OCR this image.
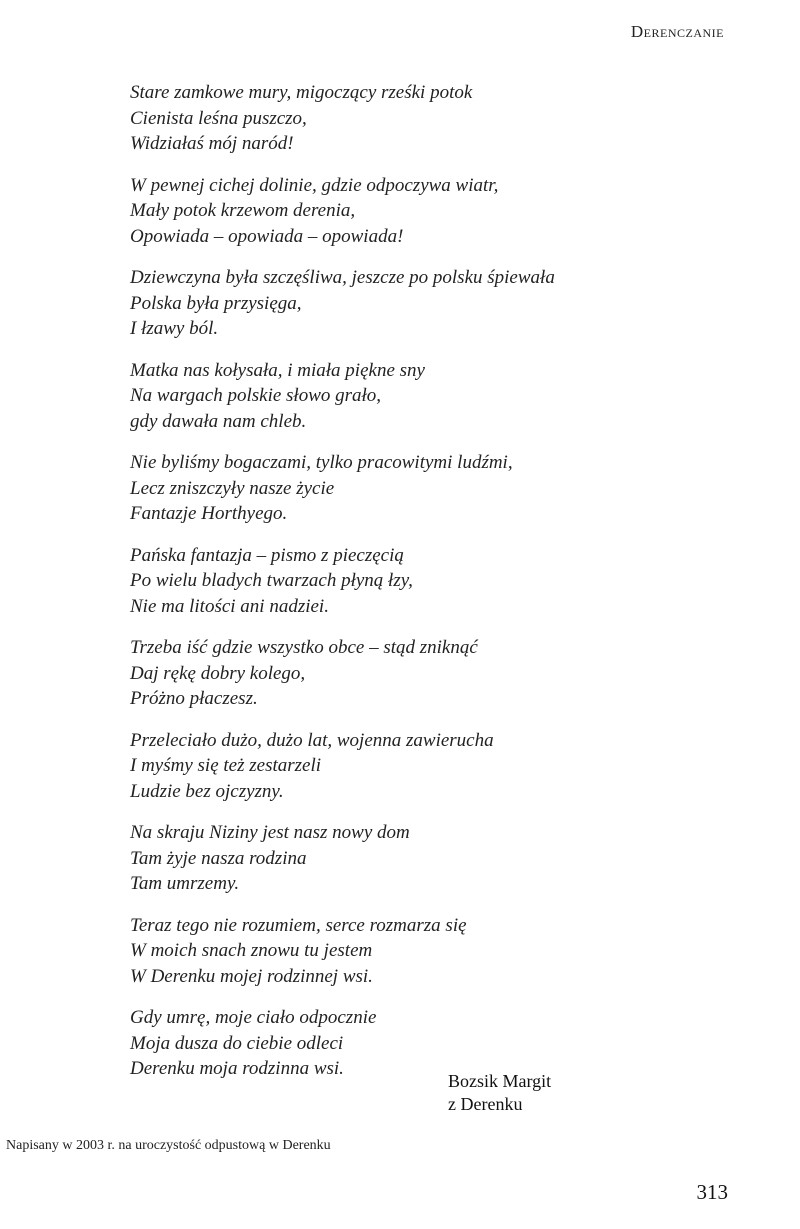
Derenczanie
Stare zamkowe mury, migoczący rześki potok
Cienista leśna puszczo,
Widziałaś mój naród!
W pewnej cichej dolinie, gdzie odpoczywa wiatr,
Mały potok krzewom derenia,
Opowiada – opowiada – opowiada!
Dziewczyna była szczęśliwa, jeszcze po polsku śpiewała
Polska była przysięga,
I łzawy ból.
Matka nas kołysała, i miała piękne sny
Na wargach polskie słowo grało,
gdy dawała nam chleb.
Nie byliśmy bogaczami, tylko pracowitymi ludźmi,
Lecz zniszczyły nasze życie
Fantazje Horthyego.
Pańska fantazja – pismo z pieczęcią
Po wielu bladych twarzach płyną łzy,
Nie ma litości ani nadziei.
Trzeba iść gdzie wszystko obce – stąd zniknąć
Daj rękę dobry kolego,
Próżno płaczesz.
Przeleciało dużo, dużo lat, wojenna zawierucha
I myśmy się też zestarzeli
Ludzie bez ojczyzny.
Na skraju Niziny jest nasz nowy dom
Tam żyje nasza rodzina
Tam umrzemy.
Teraz tego nie rozumiem, serce rozmarza się
W moich snach znowu tu jestem
W Derenku mojej rodzinnej wsi.
Gdy umrę, moje ciało odpocznie
Moja dusza do ciebie odleci
Derenku moja rodzinna wsi.
Bozsik Margit
z Derenku
Napisany w 2003 r. na uroczystość odpustową w Derenku
313
